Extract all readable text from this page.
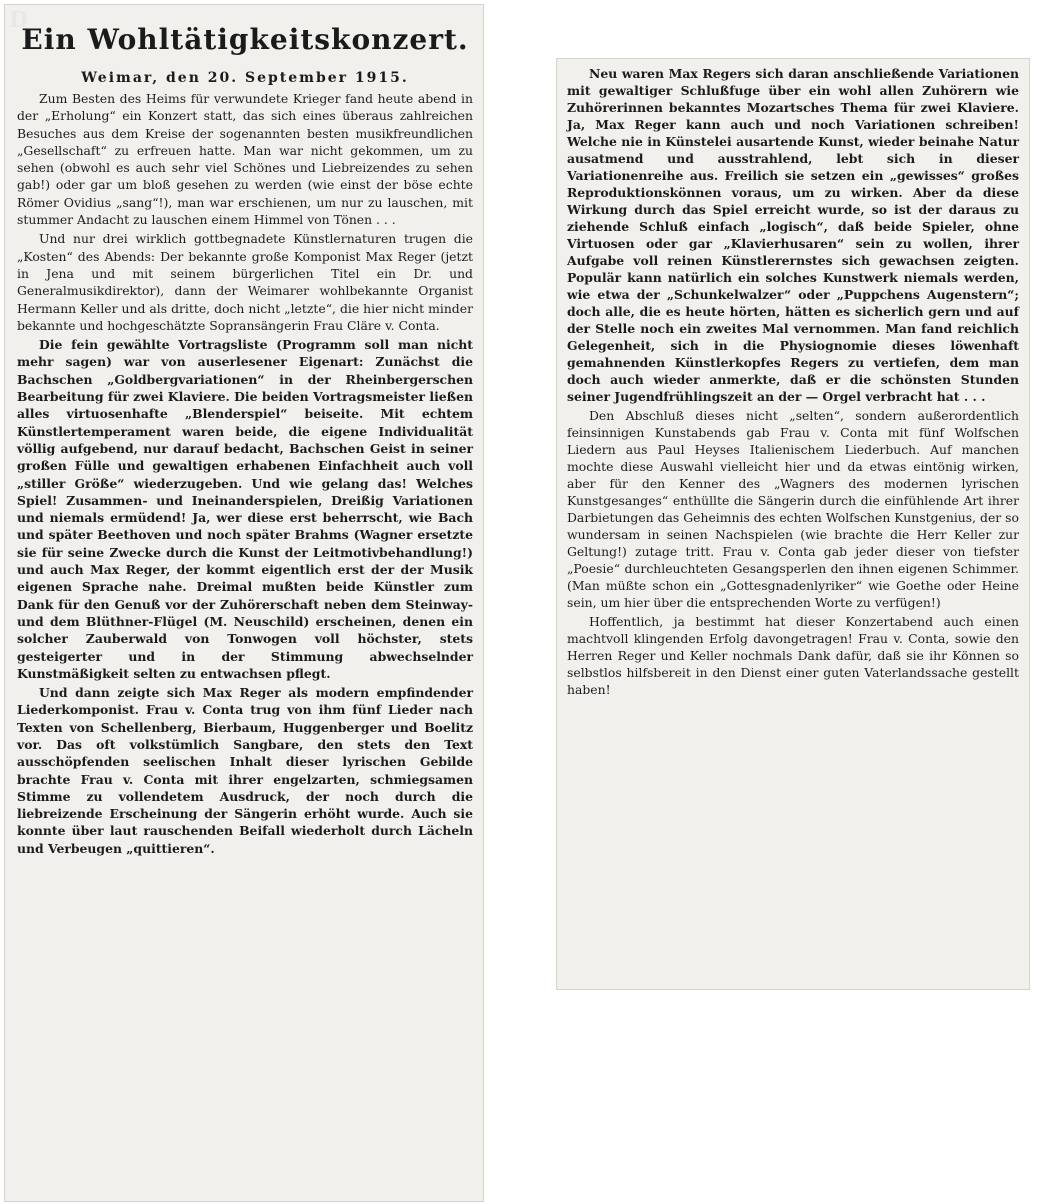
D
Ein Wohltätigkeitskonzert.
Weimar, den 20. September 1915.

Zum Besten des Heims für verwundete Krieger fand heute abend in der „Erholung“ ein Konzert statt, das sich eines überaus zahlreichen Besuches aus dem Kreise der sogenannten besten musikfreundlichen „Gesellschaft“ zu erfreuen hatte. Man war nicht gekommen, um zu sehen (obwohl es auch sehr viel Schönes und Liebreizendes zu sehen gab!) oder gar um bloß gesehen zu werden (wie einst der böse echte Römer Ovidius „sang“!), man war erschienen, um nur zu lauschen, mit stummer Andacht zu lauschen einem Himmel von Tönen . . .

Und nur drei wirklich gottbegnadete Künstlernaturen trugen die „Kosten“ des Abends: Der bekannte große Komponist Max Reger (jetzt in Jena und mit seinem bürgerlichen Titel ein Dr. und Generalmusikdirektor), dann der Weimarer wohlbekannte Organist Hermann Keller und als dritte, doch nicht „letzte“, die hier nicht minder bekannte und hochgeschätzte Sopransängerin Frau Cläre v. Conta.

Die fein gewählte Vortragsliste (Programm soll man nicht mehr sagen) war von auserlesener Eigenart: Zunächst die Bachschen „Goldbergvariationen“ in der Rheinbergerschen Bearbeitung für zwei Klaviere. Die beiden Vortragsmeister ließen alles virtuosenhafte „Blenderspiel“ beiseite. Mit echtem Künstlertemperament waren beide, die eigene Individualität völlig aufgebend, nur darauf bedacht, Bachschen Geist in seiner großen Fülle und gewaltigen erhabenen Einfachheit auch voll „stiller Größe“ wiederzugeben. Und wie gelang das! Welches Spiel! Zusammen- und Ineinanderspielen, Dreißig Variationen und niemals ermüdend! Ja, wer diese erst beherrscht, wie Bach und später Beethoven und noch später Brahms (Wagner ersetzte sie für seine Zwecke durch die Kunst der Leitmotivbehandlung!) und auch Max Reger, der kommt eigentlich erst der der Musik eigenen Sprache nahe. Dreimal mußten beide Künstler zum Dank für den Genuß vor der Zuhörerschaft neben dem Steinway- und dem Blüthner-Flügel (M. Neuschild) erscheinen, denen ein solcher Zauberwald von Tonwogen voll höchster, stets gesteigerter und in der Stimmung abwechselnder Kunstmäßigkeit selten zu entwachsen pflegt.

Und dann zeigte sich Max Reger als modern empfindender Liederkomponist. Frau v. Conta trug von ihm fünf Lieder nach Texten von Schellenberg, Bierbaum, Huggenberger und Boelitz vor. Das oft volkstümlich Sangbare, den stets den Text ausschöpfenden seelischen Inhalt dieser lyrischen Gebilde brachte Frau v. Conta mit ihrer engelzarten, schmiegsamen Stimme zu vollendetem Ausdruck, der noch durch die liebreizende Erscheinung der Sängerin erhöht wurde. Auch sie konnte über laut rauschenden Beifall wiederholt durch Lächeln und Verbeugen „quittieren“.

Neu waren Max Regers sich daran anschließende Variationen mit gewaltiger Schlußfuge über ein wohl allen Zuhörern wie Zuhörerinnen bekanntes Mozartsches Thema für zwei Klaviere. Ja, Max Reger kann auch und noch Variationen schreiben! Welche nie in Künstelei ausartende Kunst, wieder beinahe Natur ausatmend und ausstrahlend, lebt sich in dieser Variationenreihe aus. Freilich sie setzen ein „gewisses“ großes Reproduktionskönnen voraus, um zu wirken. Aber da diese Wirkung durch das Spiel erreicht wurde, so ist der daraus zu ziehende Schluß einfach „logisch“, daß beide Spieler, ohne Virtuosen oder gar „Klavierhusaren“ sein zu wollen, ihrer Aufgabe voll reinen Künstlerernstes sich gewachsen zeigten. Populär kann natürlich ein solches Kunstwerk niemals werden, wie etwa der „Schunkelwalzer“ oder „Puppchens Augenstern“; doch alle, die es heute hörten, hätten es sicherlich gern und auf der Stelle noch ein zweites Mal vernommen. Man fand reichlich Gelegenheit, sich in die Physiognomie dieses löwenhaft gemahnenden Künstlerkopfes Regers zu vertiefen, dem man doch auch wieder anmerkte, daß er die schönsten Stunden seiner Jugendfrühlingszeit an der — Orgel verbracht hat . . .

Den Abschluß dieses nicht „selten“, sondern außerordentlich feinsinnigen Kunstabends gab Frau v. Conta mit fünf Wolfschen Liedern aus Paul Heyses Italienischem Liederbuch. Auf manchen mochte diese Auswahl vielleicht hier und da etwas eintönig wirken, aber für den Kenner des „Wagners des modernen lyrischen Kunstgesanges“ enthüllte die Sängerin durch die einfühlende Art ihrer Darbietungen das Geheimnis des echten Wolfschen Kunstgenius, der so wundersam in seinen Nachspielen (wie brachte die Herr Keller zur Geltung!) zutage tritt. Frau v. Conta gab jeder dieser von tiefster „Poesie“ durchleuchteten Gesangsperlen den ihnen eigenen Schimmer. (Man müßte schon ein „Gottesgnadenlyriker“ wie Goethe oder Heine sein, um hier über die entsprechenden Worte zu verfügen!)

Hoffentlich, ja bestimmt hat dieser Konzertabend auch einen machtvoll klingenden Erfolg davongetragen! Frau v. Conta, sowie den Herren Reger und Keller nochmals Dank dafür, daß sie ihr Können so selbstlos hilfsbereit in den Dienst einer guten Vaterlandssache gestellt haben!
